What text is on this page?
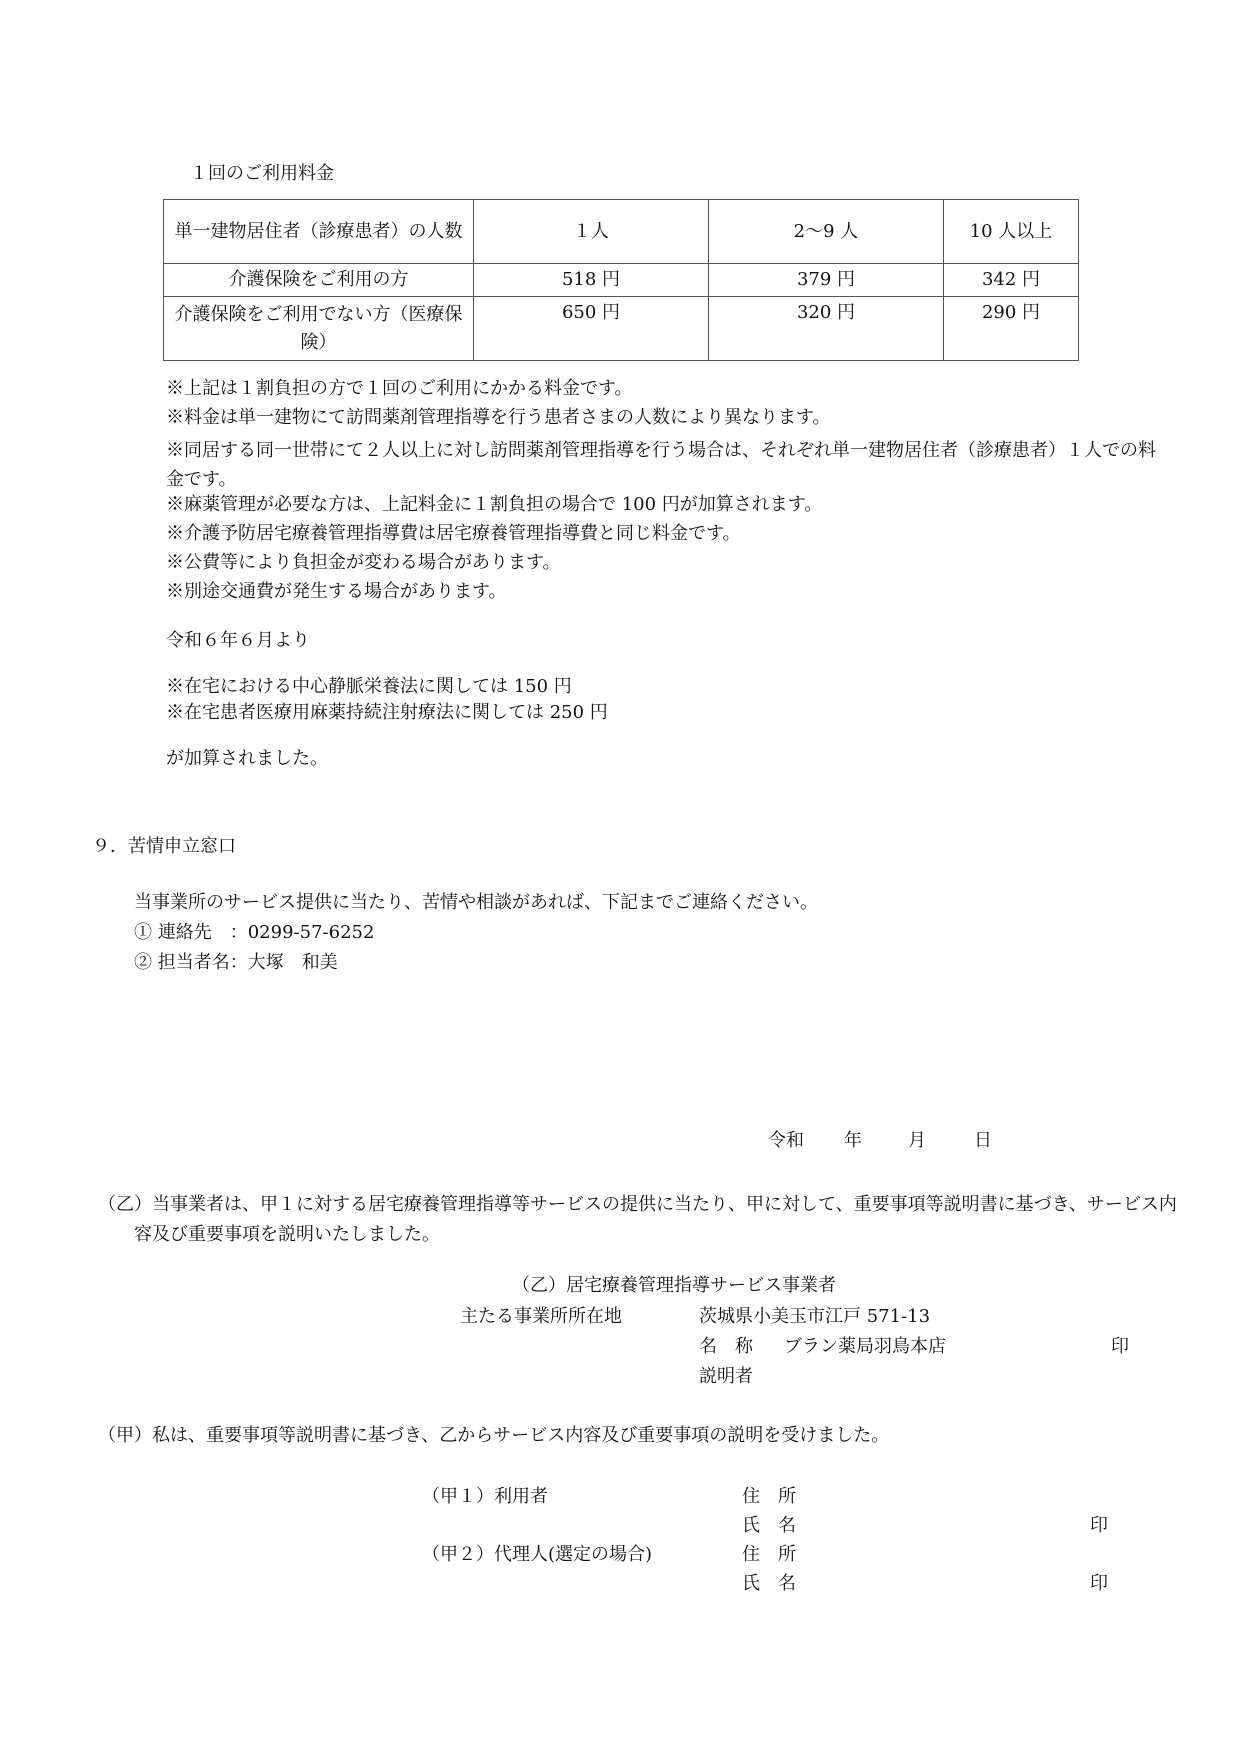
１回のご利用料金
単一建物居住者（診療患者）の人数	１人	2～9 人	10 人以上
介護保険をご利用の方	518 円	379 円	342 円
介護保険をご利用でない方（医療保険）	650 円	320 円	290 円
※上記は１割負担の方で１回のご利用にかかる料金です。
※料金は単一建物にて訪問薬剤管理指導を行う患者さまの人数により異なります。
※同居する同一世帯にて２人以上に対し訪問薬剤管理指導を行う場合は、それぞれ単一建物居住者（診療患者）１人での料金です。
※麻薬管理が必要な方は、上記料金に１割負担の場合で 100 円が加算されます。
※介護予防居宅療養管理指導費は居宅療養管理指導費と同じ料金です。
※公費等により負担金が変わる場合があります。
※別途交通費が発生する場合があります。
令和６年６月より
※在宅における中心静脈栄養法に関しては 150 円
※在宅患者医療用麻薬持続注射療法に関しては 250 円
が加算されました。
９．苦情申立窓口
当事業所のサービス提供に当たり、苦情や相談があれば、下記までご連絡ください。
① 連絡先　：0299-57-6252
② 担当者名：大塚　和美
令和 年	月	日
（乙）当事業者は、甲１に対する居宅療養管理指導等サービスの提供に当たり、甲に対して、重要事項等説明書に基づき、サービス内容及び重要事項を説明いたしました。
（乙）居宅療養管理指導サービス事業者
主たる事業所所在地	茨城県小美玉市江戸 571-13
名　称 ブラン薬局羽鳥本店	印
説明者
（甲）私は、重要事項等説明書に基づき、乙からサービス内容及び重要事項の説明を受けました。
（甲１）利用者	住　所
氏　名	印
（甲２）代理人(選定の場合)	住　所
氏　名	印
